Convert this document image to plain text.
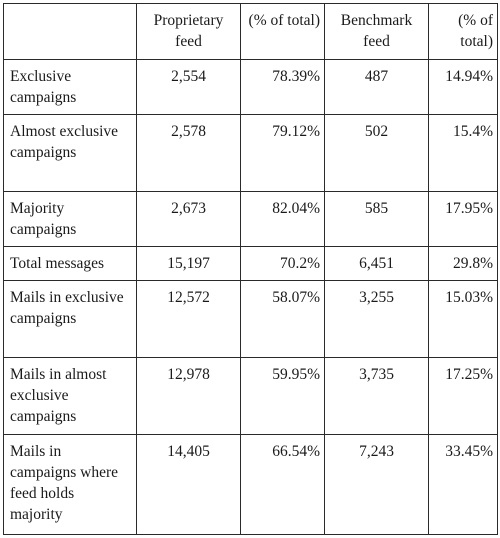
	Proprietary feed	(% of total)	Benchmark feed	(% of total)
Exclusive campaigns	2,554	78.39%	487	14.94%
Almost exclusive campaigns	2,578	79.12%	502	15.4%
Majority campaigns	2,673	82.04%	585	17.95%
Total messages	15,197	70.2%	6,451	29.8%
Mails in exclusive campaigns	12,572	58.07%	3,255	15.03%
Mails in almost exclusive campaigns	12,978	59.95%	3,735	17.25%
Mails in campaigns where feed holds majority	14,405	66.54%	7,243	33.45%
